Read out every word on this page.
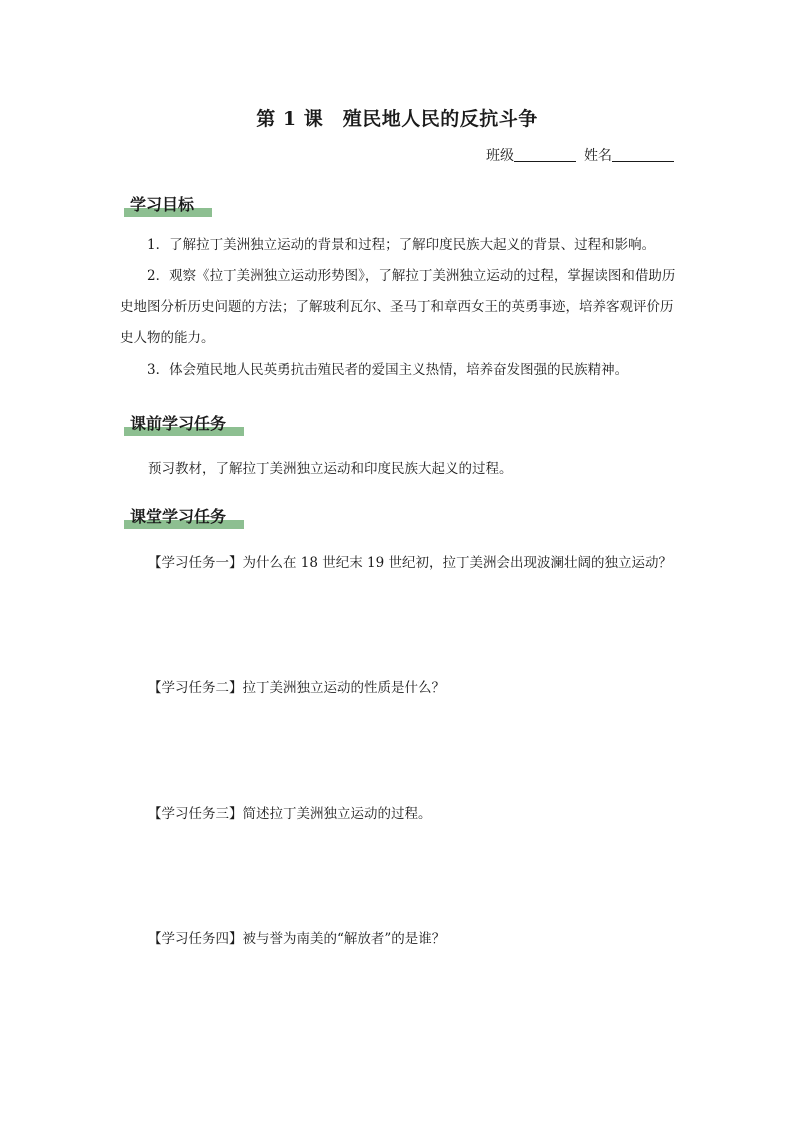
第 1 课　殖民地人民的反抗斗争
班级	姓名
学习目标
1．了解拉丁美洲独立运动的背景和过程；了解印度民族大起义的背景、过程和影响。
2．观察《拉丁美洲独立运动形势图》，了解拉丁美洲独立运动的过程，掌握读图和借助历史地图分析历史问题的方法；了解玻利瓦尔、圣马丁和章西女王的英勇事迹，培养客观评价历史人物的能力。
3．体会殖民地人民英勇抗击殖民者的爱国主义热情，培养奋发图强的民族精神。
课前学习任务
预习教材，了解拉丁美洲独立运动和印度民族大起义的过程。
课堂学习任务
【学习任务一】为什么在 18 世纪末 19 世纪初，拉丁美洲会出现波澜壮阔的独立运动？
【学习任务二】拉丁美洲独立运动的性质是什么？
【学习任务三】简述拉丁美洲独立运动的过程。
【学习任务四】被与誉为南美的“解放者”的是谁？
